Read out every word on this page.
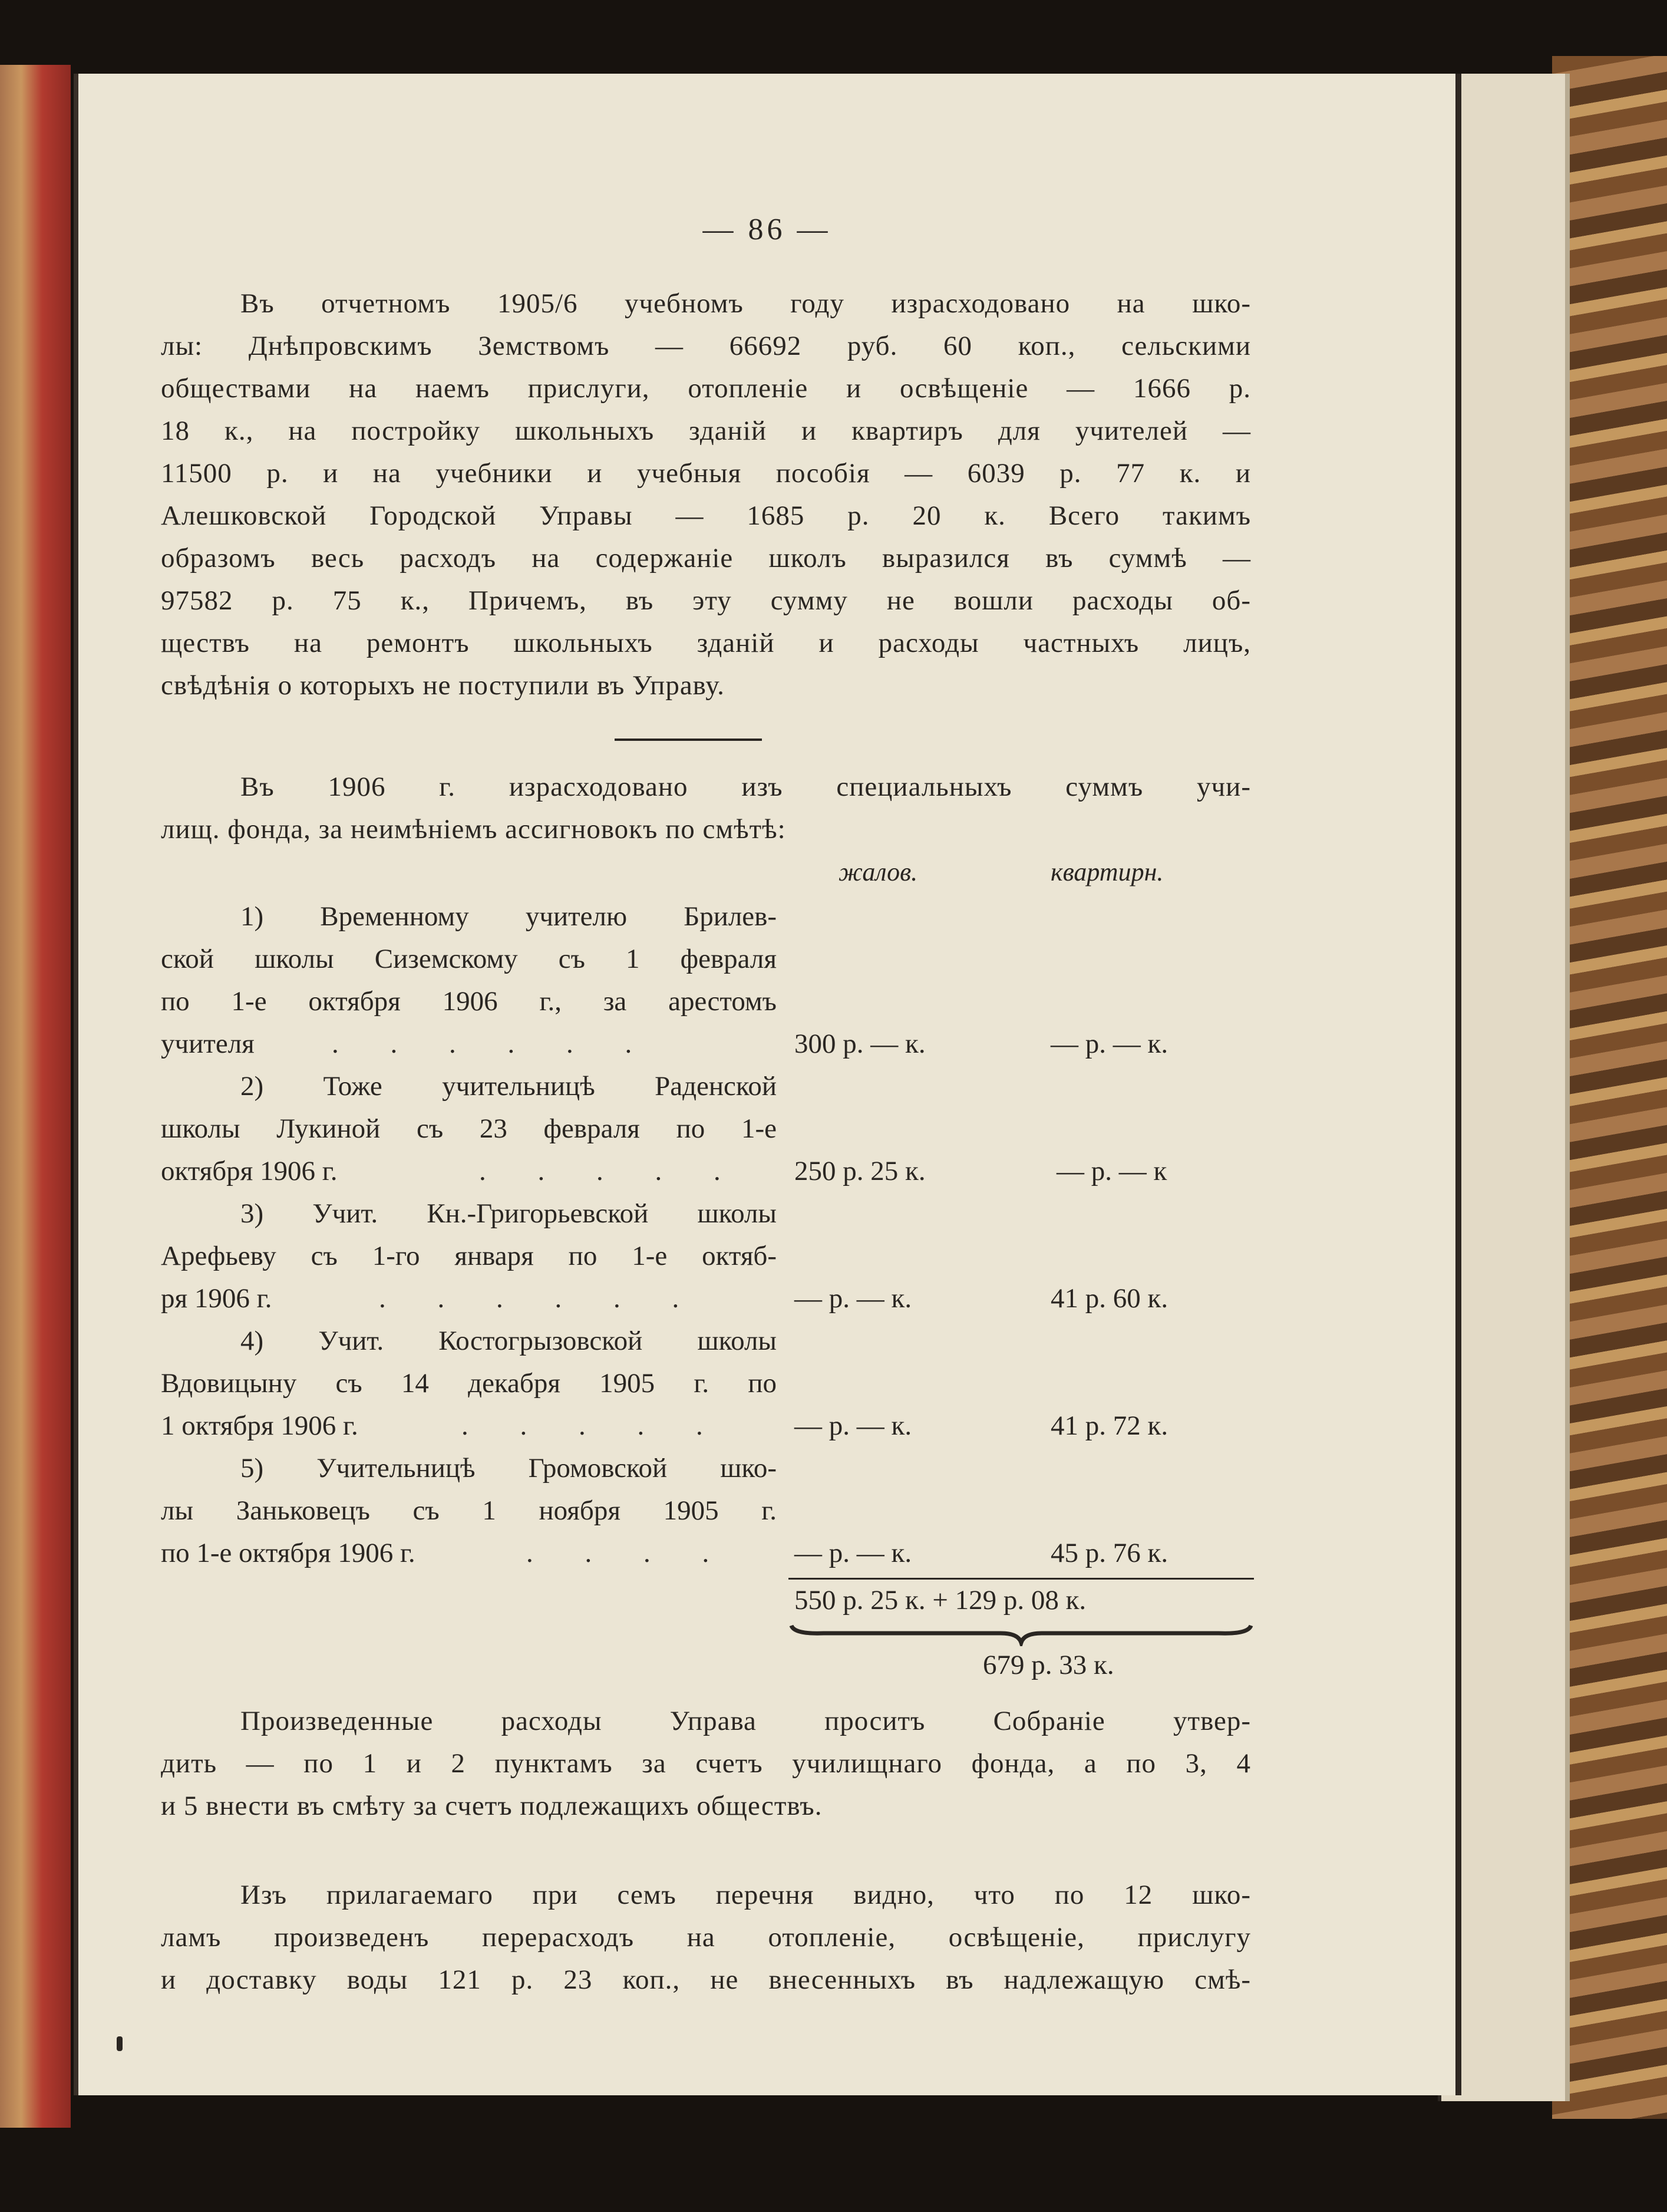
— 86 —
Въ отчетномъ 1905/6 учебномъ году израсходовано на шко-
лы: Днѣпровскимъ Земствомъ — 66692 руб. 60 коп., сельскими
обществами на наемъ прислуги, отопленіе и освѣщеніе — 1666 р.
18 к., на постройку школьныхъ зданій и квартиръ для учителей —
11500 р. и на учебники и учебныя пособія — 6039 р. 77 к. и
Алешковской Городской Управы — 1685 р. 20 к. Всего такимъ
образомъ весь расходъ на содержаніе школъ выразился въ суммѣ —
97582 р. 75 к., Причемъ, въ эту сумму не вошли расходы об-
ществъ на ремонтъ школьныхъ зданій и расходы частныхъ лицъ,
свѣдѣнія о которыхъ не поступили въ Управу.
Въ 1906 г. израсходовано изъ специальныхъ суммъ учи-
лищ. фонда, за неимѣніемъ ассигновокъ по смѣтѣ:
жалов.	квартирн.
1) Временному учителю Брилев-
ской школы Сиземскому съ 1 февраля
по 1-е октября 1906 г., за арестомъ
учителя	. . . . . .	300 р. — к.	— р. — к.
2) Тоже учительницѣ Раденской
школы Лукиной съ 23 февраля по 1-е
октября 1906 г.	. . . . . 250 р. 25 к.	— р. — к
3) Учит. Кн.-Григорьевской школы
Арефьеву съ 1-го января по 1-е октяб-
ря 1906 г.	. . . . . .	— р. — к.	41 р. 60 к.
4) Учит. Костогрызовской школы
Вдовицыну съ 14 декабря 1905 г. по
1 октября 1906 г.	. . . . . — р. — к.	41 р. 72 к.
5) Учительницѣ Громовской шко-
лы Заньковецъ съ 1 ноября 1905 г.
по 1-е октября 1906 г.	. . . . — р. — к.	45 р. 76 к.
550 р. 25 к. + 129 р. 08 к.
679 р. 33 к.
Произведенные расходы Управа проситъ Собраніе утвер-
дить — по 1 и 2 пунктамъ за счетъ училищнаго фонда, а по 3, 4
и 5 внести въ смѣту за счетъ подлежащихъ обществъ.
Изъ прилагаемаго при семъ перечня видно, что по 12 шко-
ламъ произведенъ перерасходъ на отопленіе, освѣщеніе, прислугу
и доставку воды 121 р. 23 коп., не внесенныхъ въ надлежащую смѣ-
